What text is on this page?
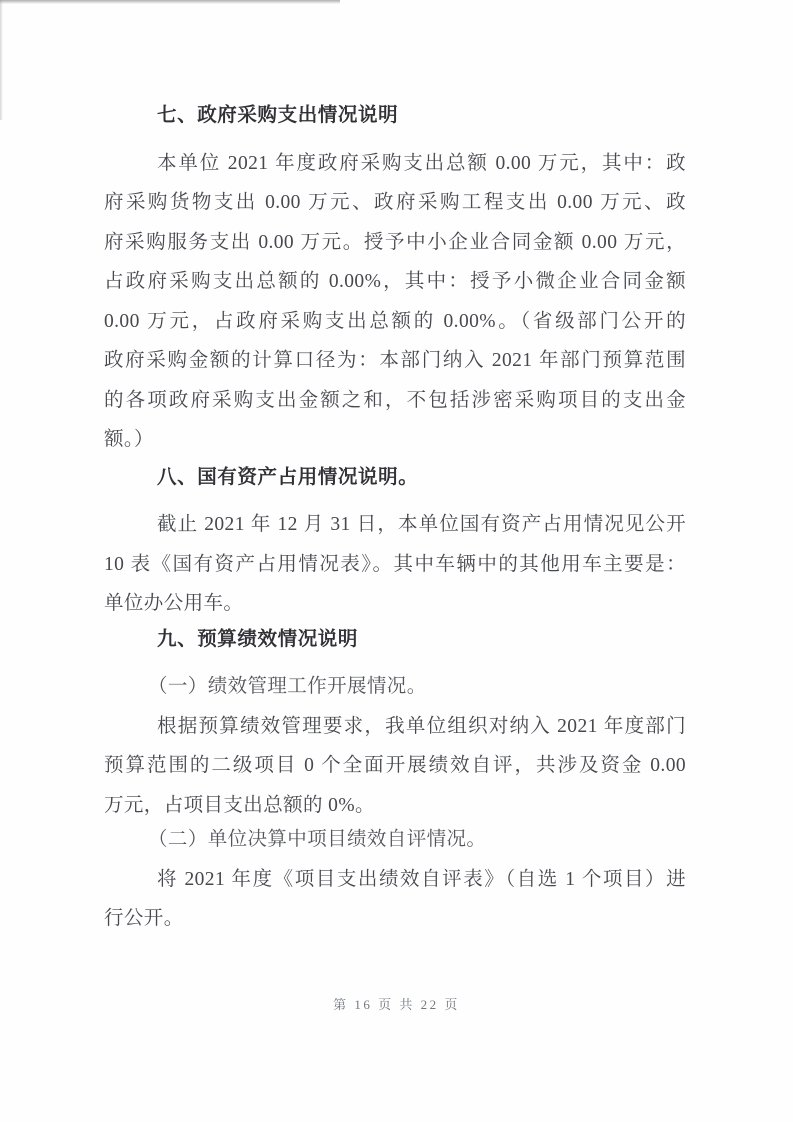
七、政府采购支出情况说明
本单位 2021 年度政府采购支出总额 0.00 万元，其中：政
府采购货物支出 0.00 万元、政府采购工程支出 0.00 万元、政
府采购服务支出 0.00 万元。授予中小企业合同金额 0.00 万元，
占政府采购支出总额的 0.00%，其中：授予小微企业合同金额
0.00 万元，占政府采购支出总额的 0.00%。（省级部门公开的
政府采购金额的计算口径为：本部门纳入 2021 年部门预算范围
的各项政府采购支出金额之和，不包括涉密采购项目的支出金
额。）
八、国有资产占用情况说明。
截止 2021 年 12 月 31 日，本单位国有资产占用情况见公开
10 表《国有资产占用情况表》。其中车辆中的其他用车主要是：
单位办公用车。
九、预算绩效情况说明

（一）绩效管理工作开展情况。

根据预算绩效管理要求，我单位组织对纳入 2021 年度部门
预算范围的二级项目 0 个全面开展绩效自评，共涉及资金 0.00
万元，占项目支出总额的 0%。

（二）单位决算中项目绩效自评情况。

将 2021 年度《项目支出绩效自评表》（自选 1 个项目）进
行公开。
第 16 页 共 22 页
